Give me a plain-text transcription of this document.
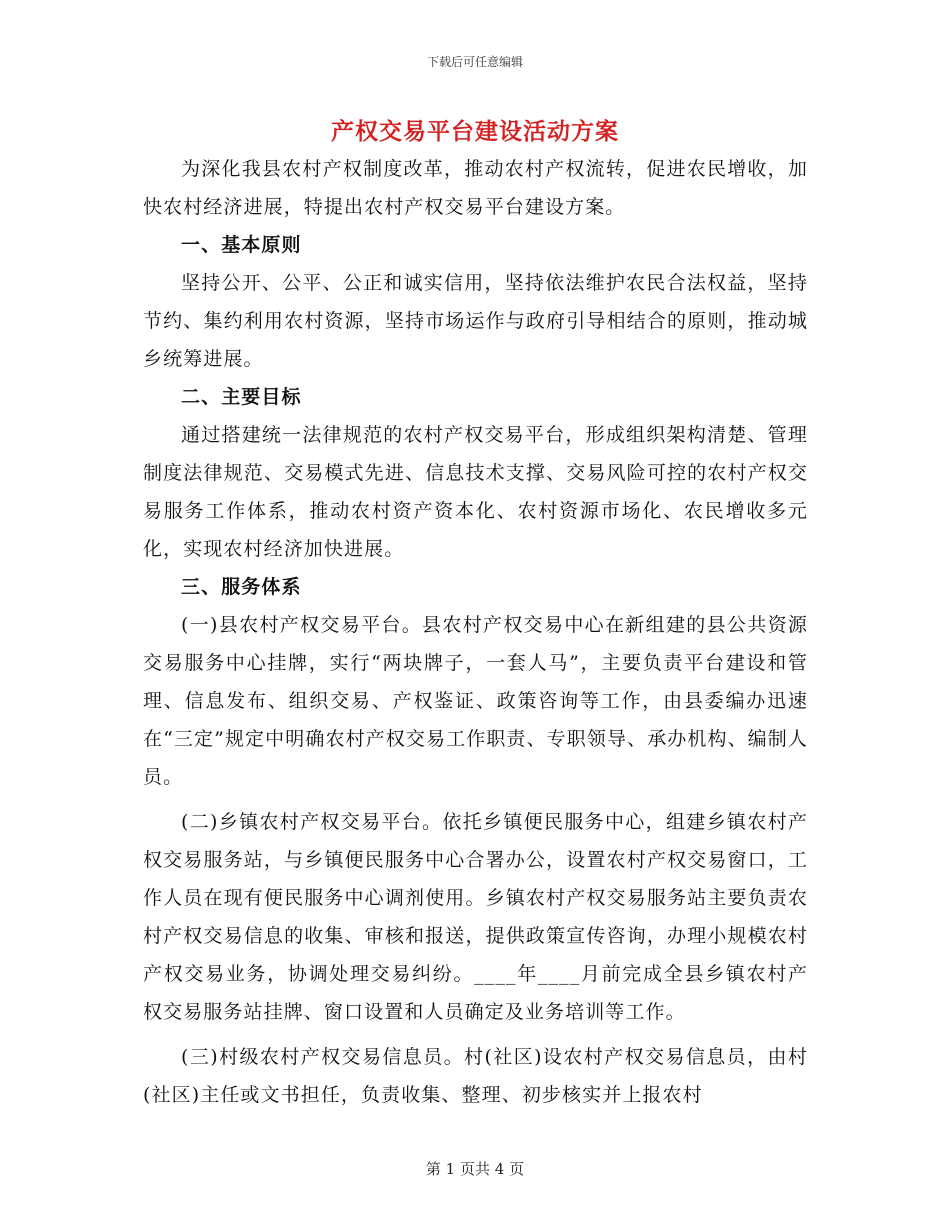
下载后可任意编辑
产权交易平台建设活动方案

为深化我县农村产权制度改革，推动农村产权流转，促进农民增收，加快农村经济进展，特提出农村产权交易平台建设方案。

一、基本原则

坚持公开、公平、公正和诚实信用，坚持依法维护农民合法权益，坚持节约、集约利用农村资源，坚持市场运作与政府引导相结合的原则，推动城乡统筹进展。

二、主要目标

通过搭建统一法律规范的农村产权交易平台，形成组织架构清楚、管理制度法律规范、交易模式先进、信息技术支撑、交易风险可控的农村产权交易服务工作体系，推动农村资产资本化、农村资源市场化、农民增收多元化，实现农村经济加快进展。

三、服务体系

(一)县农村产权交易平台。县农村产权交易中心在新组建的县公共资源交易服务中心挂牌，实行“两块牌子，一套人马”，主要负责平台建设和管理、信息发布、组织交易、产权鉴证、政策咨询等工作，由县委编办迅速在“三定”规定中明确农村产权交易工作职责、专职领导、承办机构、编制人员。

(二)乡镇农村产权交易平台。依托乡镇便民服务中心，组建乡镇农村产权交易服务站，与乡镇便民服务中心合署办公，设置农村产权交易窗口，工作人员在现有便民服务中心调剂使用。乡镇农村产权交易服务站主要负责农村产权交易信息的收集、审核和报送，提供政策宣传咨询，办理小规模农村产权交易业务，协调处理交易纠纷。____年____月前完成全县乡镇农村产权交易服务站挂牌、窗口设置和人员确定及业务培训等工作。

(三)村级农村产权交易信息员。村(社区)设农村产权交易信息员，由村(社区)主任或文书担任，负责收集、整理、初步核实并上报农村

第 1 页共 4 页
